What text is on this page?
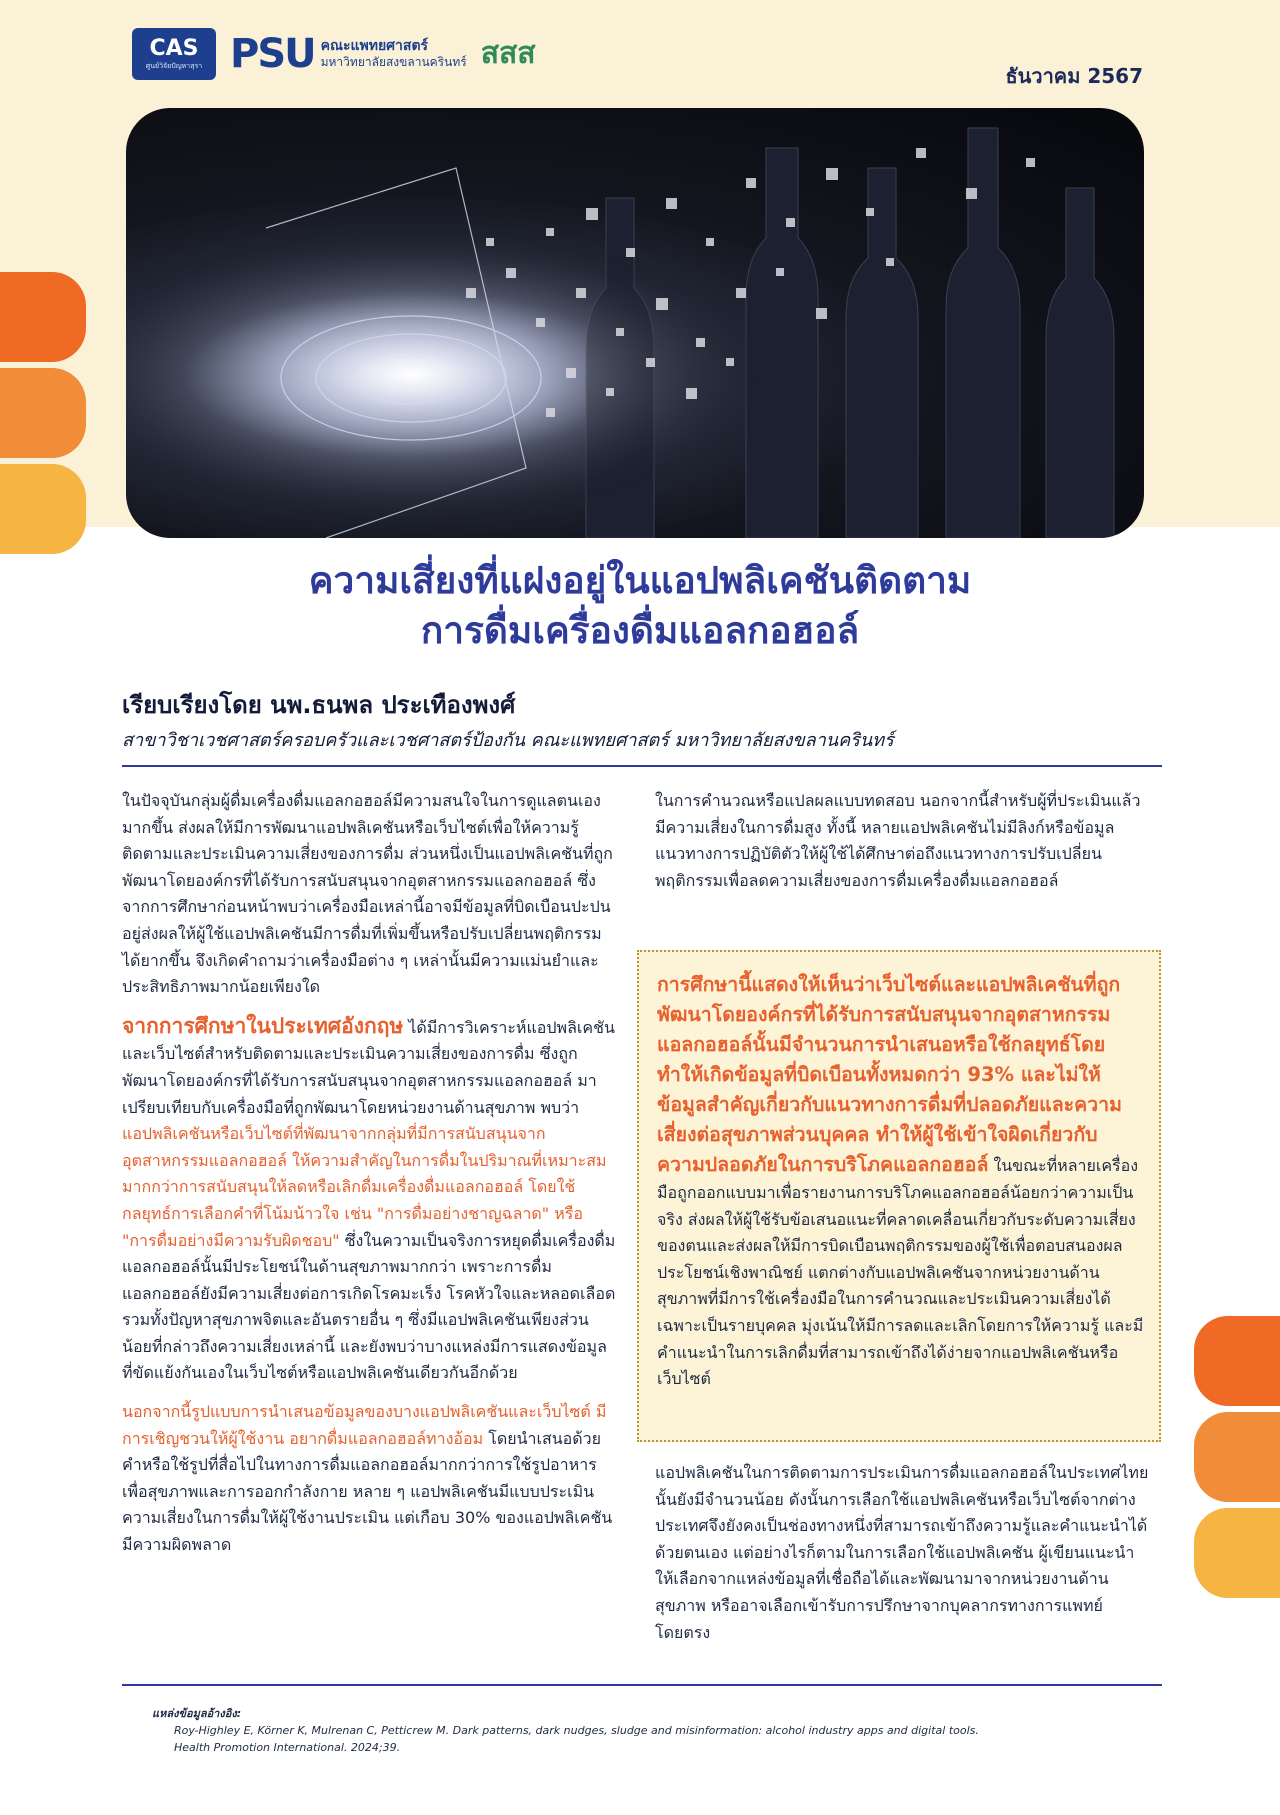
CAS
ศูนย์วิจัยปัญหาสุรา PSU คณะแพทยศาสตร์
มหาวิทยาลัยสงขลานครินทร์ สสส
ธันวาคม 2567
ความเสี่ยงที่แฝงอยู่ในแอปพลิเคชันติดตาม
การดื่มเครื่องดื่มแอลกอฮอล์
เรียบเรียงโดย นพ.ธนพล ประเทืองพงศ์
สาขาวิชาเวชศาสตร์ครอบครัวและเวชศาสตร์ป้องกัน คณะแพทยศาสตร์ มหาวิทยาลัยสงขลานครินทร์

ในปัจจุบันกลุ่มผู้ดื่มเครื่องดื่มแอลกอฮอล์มีความสนใจในการดูแลตนเองมากขึ้น ส่งผลให้มีการพัฒนาแอปพลิเคชันหรือเว็บไซต์เพื่อให้ความรู้ ติดตามและประเมินความเสี่ยงของการดื่ม ส่วนหนึ่งเป็นแอปพลิเคชันที่ถูกพัฒนาโดยองค์กรที่ได้รับการสนับสนุนจากอุตสาหกรรมแอลกอฮอล์ ซึ่งจากการศึกษาก่อนหน้าพบว่าเครื่องมือเหล่านี้อาจมีข้อมูลที่บิดเบือนปะปนอยู่ส่งผลให้ผู้ใช้แอปพลิเคชันมีการดื่มที่เพิ่มขึ้นหรือปรับเปลี่ยนพฤติกรรมได้ยากขึ้น จึงเกิดคำถามว่าเครื่องมือต่าง ๆ เหล่านั้นมีความแม่นยำและประสิทธิภาพมากน้อยเพียงใด

จากการศึกษาในประเทศอังกฤษ ได้มีการวิเคราะห์แอปพลิเคชันและเว็บไซต์สำหรับติดตามและประเมินความเสี่ยงของการดื่ม ซึ่งถูกพัฒนาโดยองค์กรที่ได้รับการสนับสนุนจากอุตสาหกรรมแอลกอฮอล์ มาเปรียบเทียบกับเครื่องมือที่ถูกพัฒนาโดยหน่วยงานด้านสุขภาพ พบว่า แอปพลิเคชันหรือเว็บไซต์ที่พัฒนาจากกลุ่มที่มีการสนับสนุนจากอุตสาหกรรมแอลกอฮอล์ ให้ความสำคัญในการดื่มในปริมาณที่เหมาะสมมากกว่าการสนับสนุนให้ลดหรือเลิกดื่มเครื่องดื่มแอลกอฮอล์ โดยใช้กลยุทธ์การเลือกคำที่โน้มน้าวใจ เช่น "การดื่มอย่างชาญฉลาด" หรือ "การดื่มอย่างมีความรับผิดชอบ" ซึ่งในความเป็นจริงการหยุดดื่มเครื่องดื่มแอลกอฮอล์นั้นมีประโยชน์ในด้านสุขภาพมากกว่า เพราะการดื่มแอลกอฮอล์ยังมีความเสี่ยงต่อการเกิดโรคมะเร็ง โรคหัวใจและหลอดเลือด รวมทั้งปัญหาสุขภาพจิตและอันตรายอื่น ๆ ซึ่งมีแอปพลิเคชันเพียงส่วนน้อยที่กล่าวถึงความเสี่ยงเหล่านี้ และยังพบว่าบางแหล่งมีการแสดงข้อมูลที่ขัดแย้งกันเองในเว็บไซต์หรือแอปพลิเคชันเดียวกันอีกด้วย

นอกจากนี้รูปแบบการนำเสนอข้อมูลของบางแอปพลิเคชันและเว็บไซต์ มีการเชิญชวนให้ผู้ใช้งาน อยากดื่มแอลกอฮอล์ทางอ้อม โดยนำเสนอด้วยคำหรือใช้รูปที่สื่อไปในทางการดื่มแอลกอฮอล์มากกว่าการใช้รูปอาหารเพื่อสุขภาพและการออกกำลังกาย หลาย ๆ แอปพลิเคชันมีแบบประเมินความเสี่ยงในการดื่มให้ผู้ใช้งานประเมิน แต่เกือบ 30% ของแอปพลิเคชันมีความผิดพลาด

ในการคำนวณหรือแปลผลแบบทดสอบ นอกจากนี้สำหรับผู้ที่ประเมินแล้วมีความเสี่ยงในการดื่มสูง ทั้งนี้ หลายแอปพลิเคชันไม่มีลิงก์หรือข้อมูลแนวทางการปฏิบัติตัวให้ผู้ใช้ได้ศึกษาต่อถึงแนวทางการปรับเปลี่ยนพฤติกรรมเพื่อลดความเสี่ยงของการดื่มเครื่องดื่มแอลกอฮอล์

การศึกษานี้แสดงให้เห็นว่าเว็บไซต์และแอปพลิเคชันที่ถูกพัฒนาโดยองค์กรที่ได้รับการสนับสนุนจากอุตสาหกรรมแอลกอฮอล์นั้นมีจำนวนการนำเสนอหรือใช้กลยุทธ์โดยทำให้เกิดข้อมูลที่บิดเบือนทั้งหมดกว่า 93% และไม่ให้ข้อมูลสำคัญเกี่ยวกับแนวทางการดื่มที่ปลอดภัยและความเสี่ยงต่อสุขภาพส่วนบุคคล ทำให้ผู้ใช้เข้าใจผิดเกี่ยวกับความปลอดภัยในการบริโภคแอลกอฮอล์ ในขณะที่หลายเครื่องมือถูกออกแบบมาเพื่อรายงานการบริโภคแอลกอฮอล์น้อยกว่าความเป็นจริง ส่งผลให้ผู้ใช้รับข้อเสนอแนะที่คลาดเคลื่อนเกี่ยวกับระดับความเสี่ยงของตนและส่งผลให้มีการบิดเบือนพฤติกรรมของผู้ใช้เพื่อตอบสนองผลประโยชน์เชิงพาณิชย์ แตกต่างกับแอปพลิเคชันจากหน่วยงานด้านสุขภาพที่มีการใช้เครื่องมือในการคำนวณและประเมินความเสี่ยงได้เฉพาะเป็นรายบุคคล มุ่งเน้นให้มีการลดและเลิกโดยการให้ความรู้ และมีคำแนะนำในการเลิกดื่มที่สามารถเข้าถึงได้ง่ายจากแอปพลิเคชันหรือเว็บไซต์

แอปพลิเคชันในการติดตามการประเมินการดื่มแอลกอฮอล์ในประเทศไทยนั้นยังมีจำนวนน้อย ดังนั้นการเลือกใช้แอปพลิเคชันหรือเว็บไซต์จากต่างประเทศจึงยังคงเป็นช่องทางหนึ่งที่สามารถเข้าถึงความรู้และคำแนะนำได้ด้วยตนเอง แต่อย่างไรก็ตามในการเลือกใช้แอปพลิเคชัน ผู้เขียนแนะนำให้เลือกจากแหล่งข้อมูลที่เชื่อถือได้และพัฒนามาจากหน่วยงานด้านสุขภาพ หรืออาจเลือกเข้ารับการปรึกษาจากบุคลากรทางการแพทย์โดยตรง

แหล่งข้อมูลอ้างอิง:
Roy-Highley E, Körner K, Mulrenan C, Petticrew M. Dark patterns, dark nudges, sludge and misinformation: alcohol industry apps and digital tools.
Health Promotion International. 2024;39.
